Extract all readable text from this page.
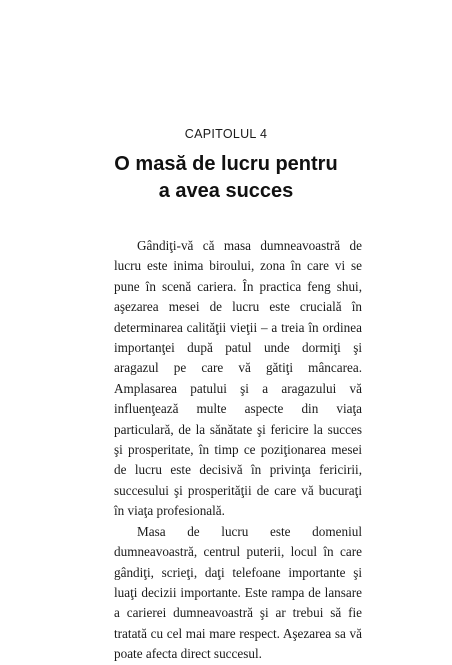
CAPITOLUL 4
O masă de lucru pentru
a avea succes

Gândiţi-vă că masa dumneavoastră de lucru este inima biroului, zona în care vi se pune în scenă cariera. În practica feng shui, aşezarea mesei de lucru este crucială în determinarea calităţii vieţii – a treia în ordinea importanţei după patul unde dormiţi şi aragazul pe care vă gătiţi mâncarea. Amplasarea patului şi a aragazului vă influenţează multe aspecte din viaţa particulară, de la sănătate şi fericire la succes şi prosperitate, în timp ce poziţionarea mesei de lucru este decisivă în privinţa fericirii, succesului şi prosperităţii de care vă bucuraţi în viaţa profesională.

Masa de lucru este domeniul dumneavoastră, centrul puterii, locul în care gândiţi, scrieţi, daţi telefoane importante şi luaţi decizii importante. Este rampa de lansare a carierei dumneavoastră şi ar trebui să fie tratată cu cel mai mare respect. Aşezarea sa vă poate afecta direct succesul.
